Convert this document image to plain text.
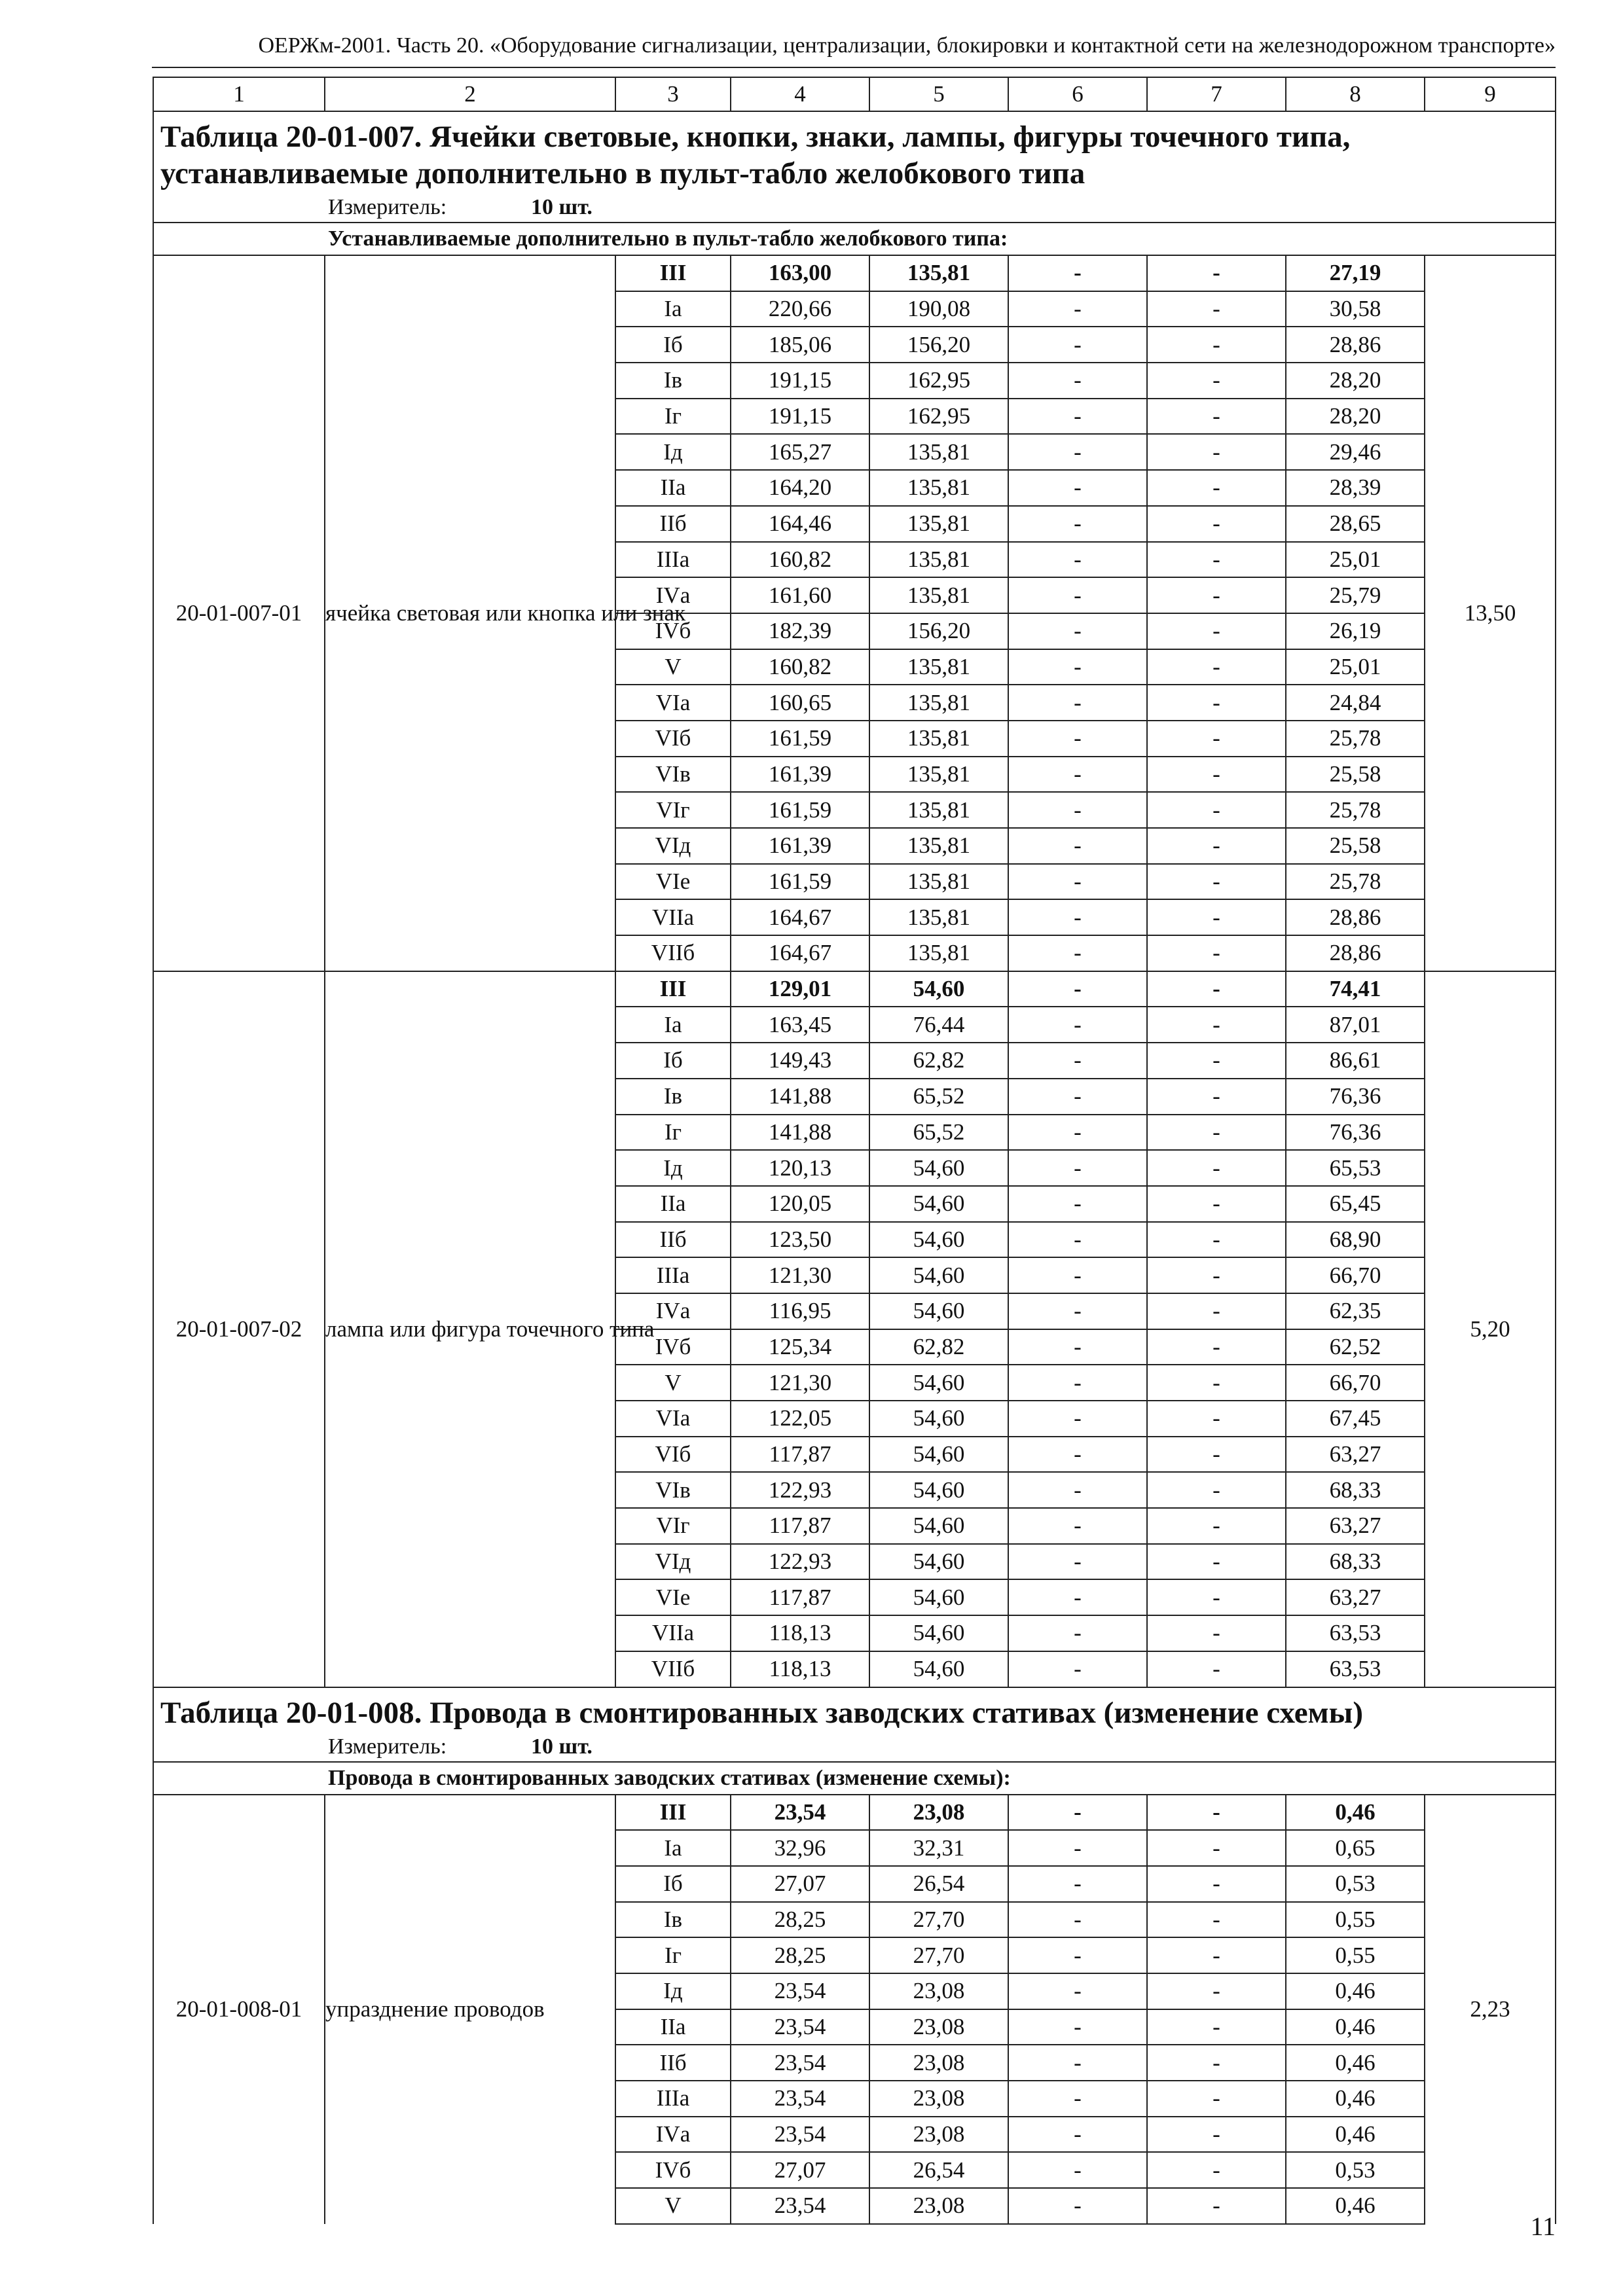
ОЕРЖм-2001. Часть 20. «Оборудование сигнализации, централизации, блокировки и контактной сети на железнодорожном транспорте»
1	2	3	4	5	6	7	8	9
Таблица 20-01-007. Ячейки световые, кнопки, знаки, лампы, фигуры точечного типа, устанавливаемые дополнительно в пульт-табло желобкового типа								
Измеритель: 10 шт.								
Устанавливаемые дополнительно в пульт-табло желобкового типа:								
20-01-007-01	ячейка световая или кнопка или знак	III	163,00	135,81	-	-	27,19	13,50
		Iа	220,66	190,08	-	-	30,58	
		Iб	185,06	156,20	-	-	28,86	
		Iв	191,15	162,95	-	-	28,20	
		Iг	191,15	162,95	-	-	28,20	
		Iд	165,27	135,81	-	-	29,46	
		IIа	164,20	135,81	-	-	28,39	
		IIб	164,46	135,81	-	-	28,65	
		IIIа	160,82	135,81	-	-	25,01	
		IVа	161,60	135,81	-	-	25,79	
		IVб	182,39	156,20	-	-	26,19	
		V	160,82	135,81	-	-	25,01	
		VIа	160,65	135,81	-	-	24,84	
		VIб	161,59	135,81	-	-	25,78	
		VIв	161,39	135,81	-	-	25,58	
		VIг	161,59	135,81	-	-	25,78	
		VIд	161,39	135,81	-	-	25,58	
		VIе	161,59	135,81	-	-	25,78	
		VIIа	164,67	135,81	-	-	28,86	
		VIIб	164,67	135,81	-	-	28,86	
20-01-007-02	лампа или фигура точечного типа	III	129,01	54,60	-	-	74,41	5,20
		Iа	163,45	76,44	-	-	87,01	
		Iб	149,43	62,82	-	-	86,61	
		Iв	141,88	65,52	-	-	76,36	
		Iг	141,88	65,52	-	-	76,36	
		Iд	120,13	54,60	-	-	65,53	
		IIа	120,05	54,60	-	-	65,45	
		IIб	123,50	54,60	-	-	68,90	
		IIIа	121,30	54,60	-	-	66,70	
		IVа	116,95	54,60	-	-	62,35	
		IVб	125,34	62,82	-	-	62,52	
		V	121,30	54,60	-	-	66,70	
		VIа	122,05	54,60	-	-	67,45	
		VIб	117,87	54,60	-	-	63,27	
		VIв	122,93	54,60	-	-	68,33	
		VIг	117,87	54,60	-	-	63,27	
		VIд	122,93	54,60	-	-	68,33	
		VIе	117,87	54,60	-	-	63,27	
		VIIа	118,13	54,60	-	-	63,53	
		VIIб	118,13	54,60	-	-	63,53	
Таблица 20-01-008. Провода в смонтированных заводских стативах (изменение схемы)								
Измеритель: 10 шт.								
Провода в смонтированных заводских стативах (изменение схемы):								
20-01-008-01	упразднение проводов	III	23,54	23,08	-	-	0,46	2,23
		Iа	32,96	32,31	-	-	0,65	
		Iб	27,07	26,54	-	-	0,53	
		Iв	28,25	27,70	-	-	0,55	
		Iг	28,25	27,70	-	-	0,55	
		Iд	23,54	23,08	-	-	0,46	
		IIа	23,54	23,08	-	-	0,46	
		IIб	23,54	23,08	-	-	0,46	
		IIIа	23,54	23,08	-	-	0,46	
		IVа	23,54	23,08	-	-	0,46	
		IVб	27,07	26,54	-	-	0,53	
		V	23,54	23,08	-	-	0,46	
11
